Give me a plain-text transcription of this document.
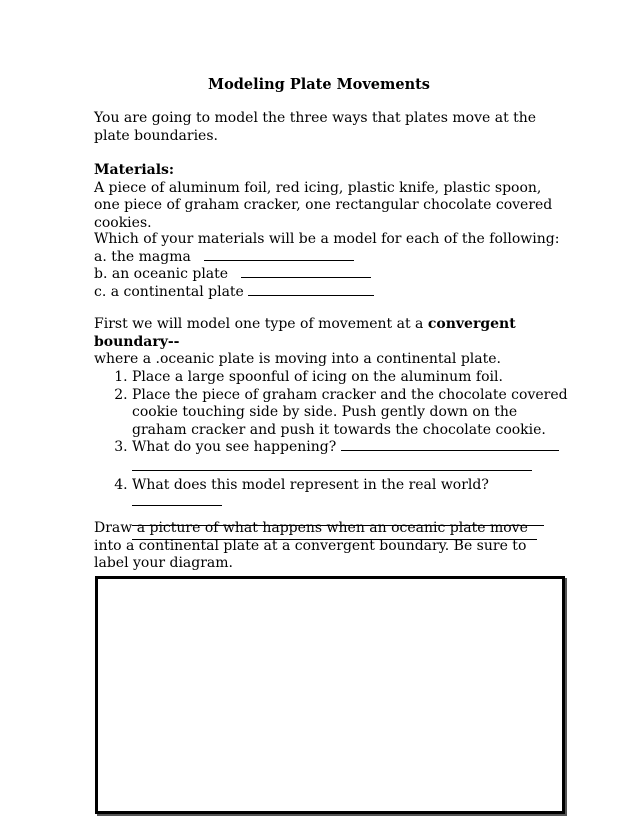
Modeling Plate Movements

You are going to model the three ways that plates move at the plate boundaries.

Materials:
A piece of aluminum foil, red icing, plastic knife, plastic spoon, one piece of graham cracker, one rectangular chocolate covered cookies.
Which of your materials will be a model for each of the following:
a. the magma
b. an oceanic plate
c. a continental plate

First we will model one type of movement at a convergent boundary--
where a .oceanic plate is moving into a continental plate.

1. Place a large spoonful of icing on the aluminum foil.
2. Place the piece of graham cracker and the chocolate covered cookie touching side by side. Push gently down on the graham cracker and push it towards the chocolate cookie.
3. What do you see happening?
4. What does this model represent in the real world?

Draw a picture of what happens when an oceanic plate move into a continental plate at a convergent boundary. Be sure to label your diagram.
